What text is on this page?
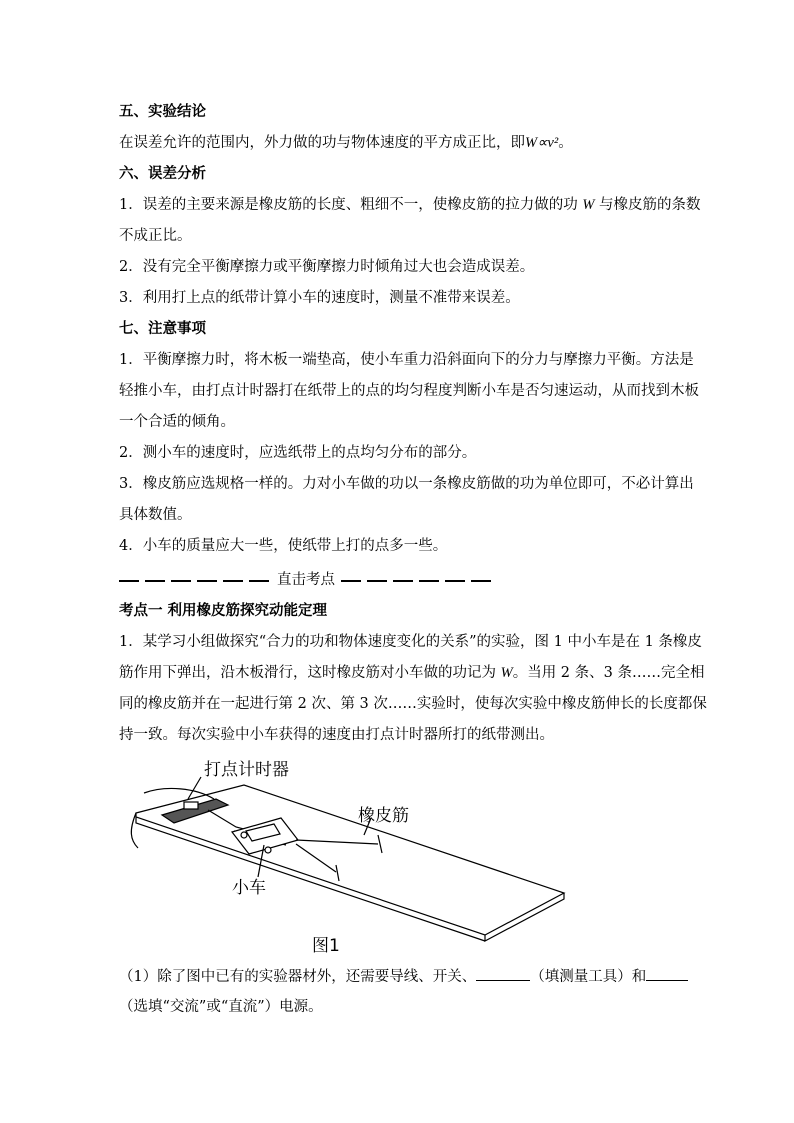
五、实验结论
在误差允许的范围内，外力做的功与物体速度的平方成正比，即W∝v²。
六、误差分析
1．误差的主要来源是橡皮筋的长度、粗细不一，使橡皮筋的拉力做的功 W 与橡皮筋的条数
不成正比。
2．没有完全平衡摩擦力或平衡摩擦力时倾角过大也会造成误差。
3．利用打上点的纸带计算小车的速度时，测量不准带来误差。
七、注意事项
1．平衡摩擦力时，将木板一端垫高，使小车重力沿斜面向下的分力与摩擦力平衡。方法是
轻推小车，由打点计时器打在纸带上的点的均匀程度判断小车是否匀速运动，从而找到木板
一个合适的倾角。
2．测小车的速度时，应选纸带上的点均匀分布的部分。
3．橡皮筋应选规格一样的。力对小车做的功以一条橡皮筋做的功为单位即可，不必计算出
具体数值。
4．小车的质量应大一些，使纸带上打的点多一些。
直击考点
考点一 利用橡皮筋探究动能定理
1．某学习小组做探究“合力的功和物体速度变化的关系”的实验，图 1 中小车是在 1 条橡皮
筋作用下弹出，沿木板滑行，这时橡皮筋对小车做的功记为 W。当用 2 条、3 条……完全相
同的橡皮筋并在一起进行第 2 次、第 3 次……实验时，使每次实验中橡皮筋伸长的长度都保
持一致。每次实验中小车获得的速度由打点计时器所打的纸带测出。
打点计时器
橡皮筋
小车
图1
（1）除了图中已有的实验器材外，还需要导线、开关、	（填测量工具）和
（选填“交流”或“直流”）电源。
